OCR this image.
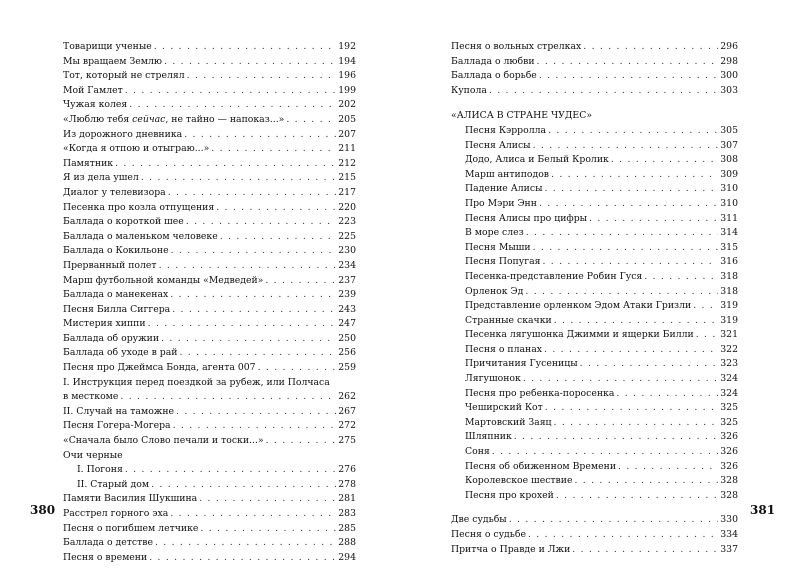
Товарищи ученые . . .	192
Мы вращаем Землю . . .	194
Тот, который не стрелял . . .	196
Мой Гамлет . . .	199
Чужая колея . . .	202
«Люблю тебя сейчас, не тайно — напоказ...» . . .	205
Из дорожного дневника . . .	207
«Когда я отпою и отыграю...» . . .	211
Памятник . . .	212
Я из дела ушел . . .	215
Диалог у телевизора . . .	217
Песенка про козла отпущения . . .	220
Баллада о короткой шее . . .	223
Баллада о маленьком человеке . . .	225
Баллада о Кокильоне . . .	230
Прерванный полет . . .	234
Марш футбольной команды «Медведей» . . .	237
Баллада о манекенах . . .	239
Песня Билла Сиггера . . .	243
Мистерия хиппи . . .	247
Баллада об оружии . . .	250
Баллада об уходе в рай . . .	256
Песня про Джеймса Бонда, агента 007 . . .	259
I. Инструкция перед поездкой за рубеж, или Полчаса
в месткоме . . .	262
II. Случай на таможне . . .	267
Песня Гогера-Могера . . .	272
«Сначала было Слово печали и тоски...» . . .	275
Очи черные
I. Погоня . . .	276
II. Старый дом . . .	278
Памяти Василия Шукшина . . .	281
Расстрел горного эха . . .	283
Песня о погибшем летчике . . .	285
Баллада о детстве . . .	288
Песня о времени . . .	294
Песня о вольных стрелках . . .	296
Баллада о любви . . .	298
Баллада о борьбе . . .	300
Купола . . .	303
«АЛИСА В СТРАНЕ ЧУДЕС»
Песня Кэрролла . . .	305
Песня Алисы . . .	307
Додо, Алиса и Белый Кролик . . .	308
Марш антиподов . . .	309
Падение Алисы . . .	310
Про Мэри Энн . . .	310
Песня Алисы про цифры . . .	311
В море слез . . .	314
Песня Мыши . . .	315
Песня Попугая . . .	316
Песенка-представление Робин Гуся . . .	318
Орленок Эд . . .	318
Представление орленком Эдом Атаки Гризли . . .	319
Странные скачки . . .	319
Песенка лягушонка Джимми и ящерки Билли . . .	321
Песня о планах . . .	322
Причитания Гусеницы . . .	323
Лягушонок . . .	324
Песня про ребенка-поросенка . . .	324
Чеширский Кот . . .	325
Мартовский Заяц . . .	325
Шляпник . . .	326
Соня . . .	326
Песня об обиженном Времени . . .	326
Королевское шествие . . .	328
Песня про крохей . . .	328
Две судьбы . . .	330
Песня о судьбе . . .	334
Притча о Правде и Лжи . . .	337
380	381
